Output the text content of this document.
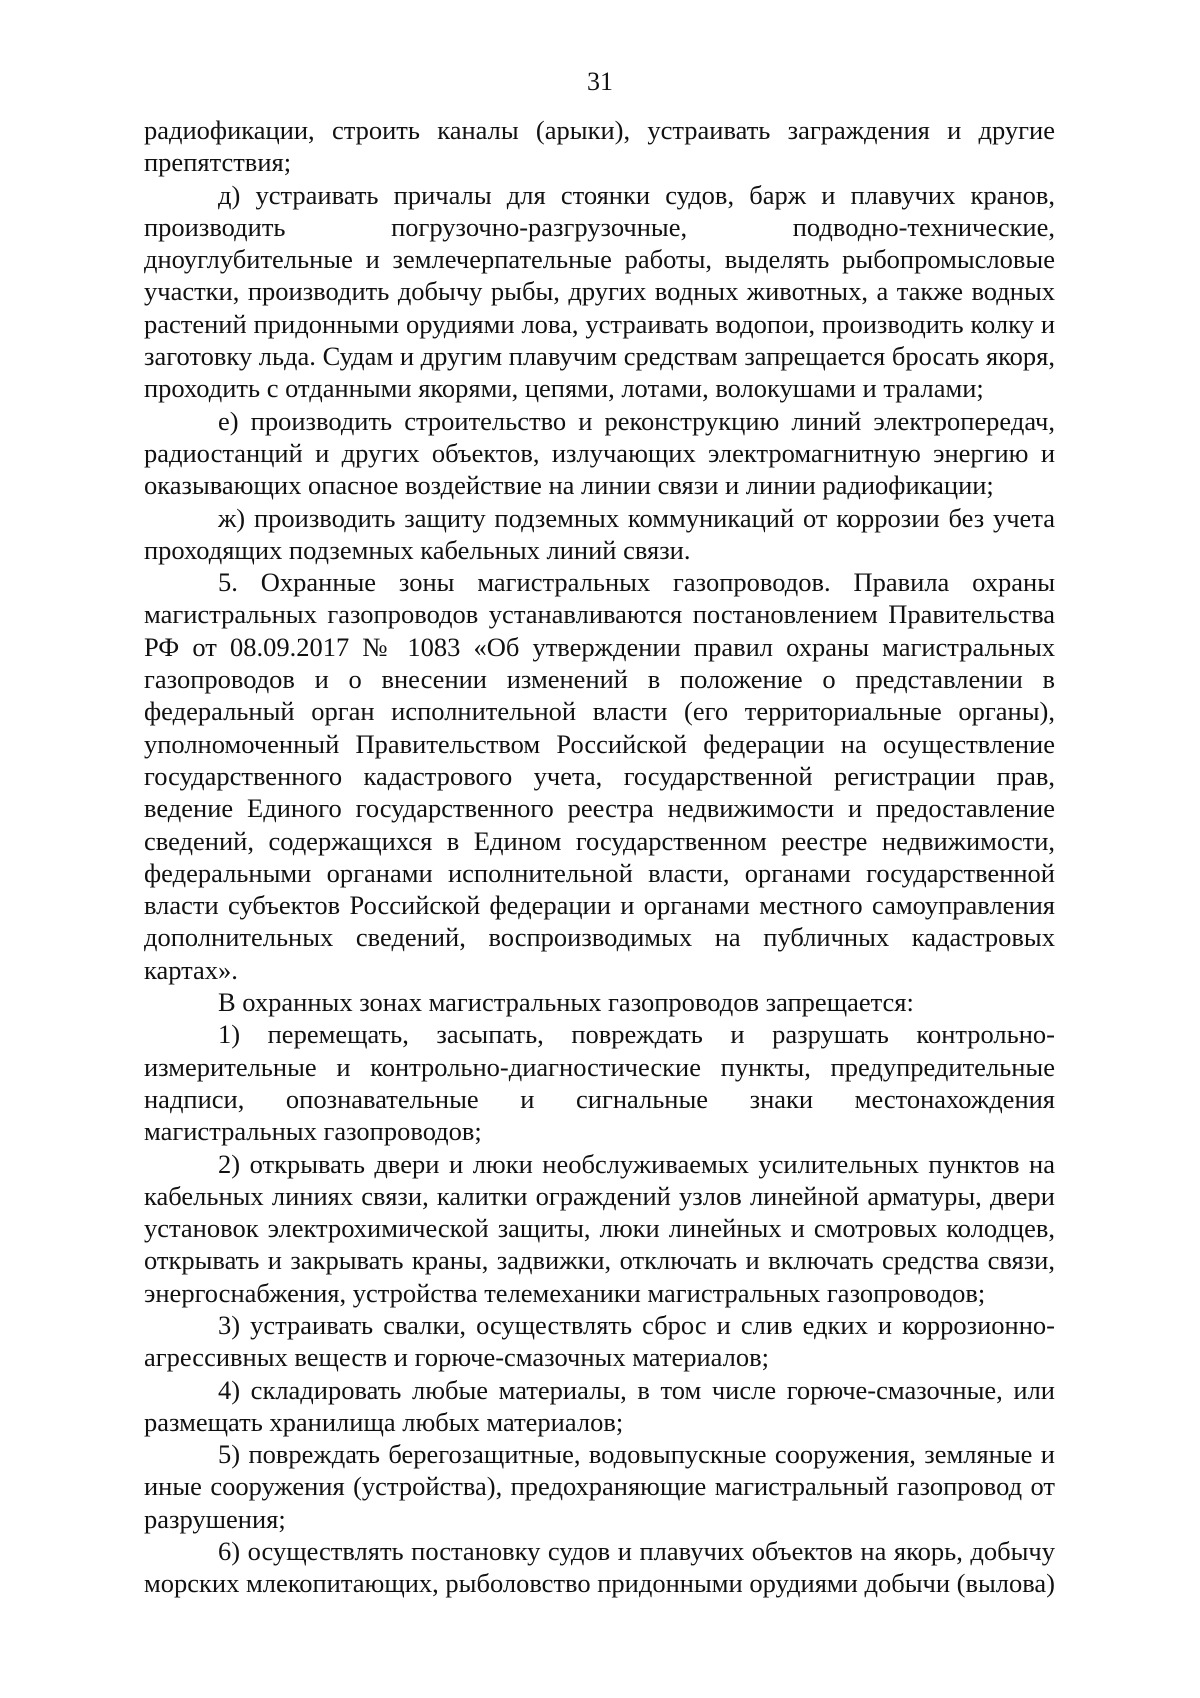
31

радиофикации, строить каналы (арыки), устраивать заграждения и другие препятствия;

д) устраивать причалы для стоянки судов, барж и плавучих кранов, производить погрузочно-разгрузочные, подводно-технические, дноуглубительные и землечерпательные работы, выделять рыбопромысловые участки, производить добычу рыбы, других водных животных, а также водных растений придонными орудиями лова, устраивать водопои, производить колку и заготовку льда. Судам и другим плавучим средствам запрещается бросать якоря, проходить с отданными якорями, цепями, лотами, волокушами и тралами;

е) производить строительство и реконструкцию линий электропередач, радиостанций и других объектов, излучающих электромагнитную энергию и оказывающих опасное воздействие на линии связи и линии радиофикации;

ж) производить защиту подземных коммуникаций от коррозии без учета проходящих подземных кабельных линий связи.

5. Охранные зоны магистральных газопроводов. Правила охраны магистральных газопроводов устанавливаются постановлением Правительства РФ от 08.09.2017 № 1083 «Об утверждении правил охраны магистральных газопроводов и о внесении изменений в положение о представлении в федеральный орган исполнительной власти (его территориальные органы), уполномоченный Правительством Российской федерации на осуществление государственного кадастрового учета, государственной регистрации прав, ведение Единого государственного реестра недвижимости и предоставление сведений, содержащихся в Едином государственном реестре недвижимости, федеральными органами исполнительной власти, органами государственной власти субъектов Российской федерации и органами местного самоуправления дополнительных сведений, воспроизводимых на публичных кадастровых картах».

В охранных зонах магистральных газопроводов запрещается:

1) перемещать, засыпать, повреждать и разрушать контрольно-измерительные и контрольно-диагностические пункты, предупредительные надписи, опознавательные и сигнальные знаки местонахождения магистральных газопроводов;

2) открывать двери и люки необслуживаемых усилительных пунктов на кабельных линиях связи, калитки ограждений узлов линейной арматуры, двери установок электрохимической защиты, люки линейных и смотровых колодцев, открывать и закрывать краны, задвижки, отключать и включать средства связи, энергоснабжения, устройства телемеханики магистральных газопроводов;

3) устраивать свалки, осуществлять сброс и слив едких и коррозионно-агрессивных веществ и горюче-смазочных материалов;

4) складировать любые материалы, в том числе горюче-смазочные, или размещать хранилища любых материалов;

5) повреждать берегозащитные, водовыпускные сооружения, земляные и иные сооружения (устройства), предохраняющие магистральный газопровод от разрушения;

6) осуществлять постановку судов и плавучих объектов на якорь, добычу морских млекопитающих, рыболовство придонными орудиями добычи (вылова)
